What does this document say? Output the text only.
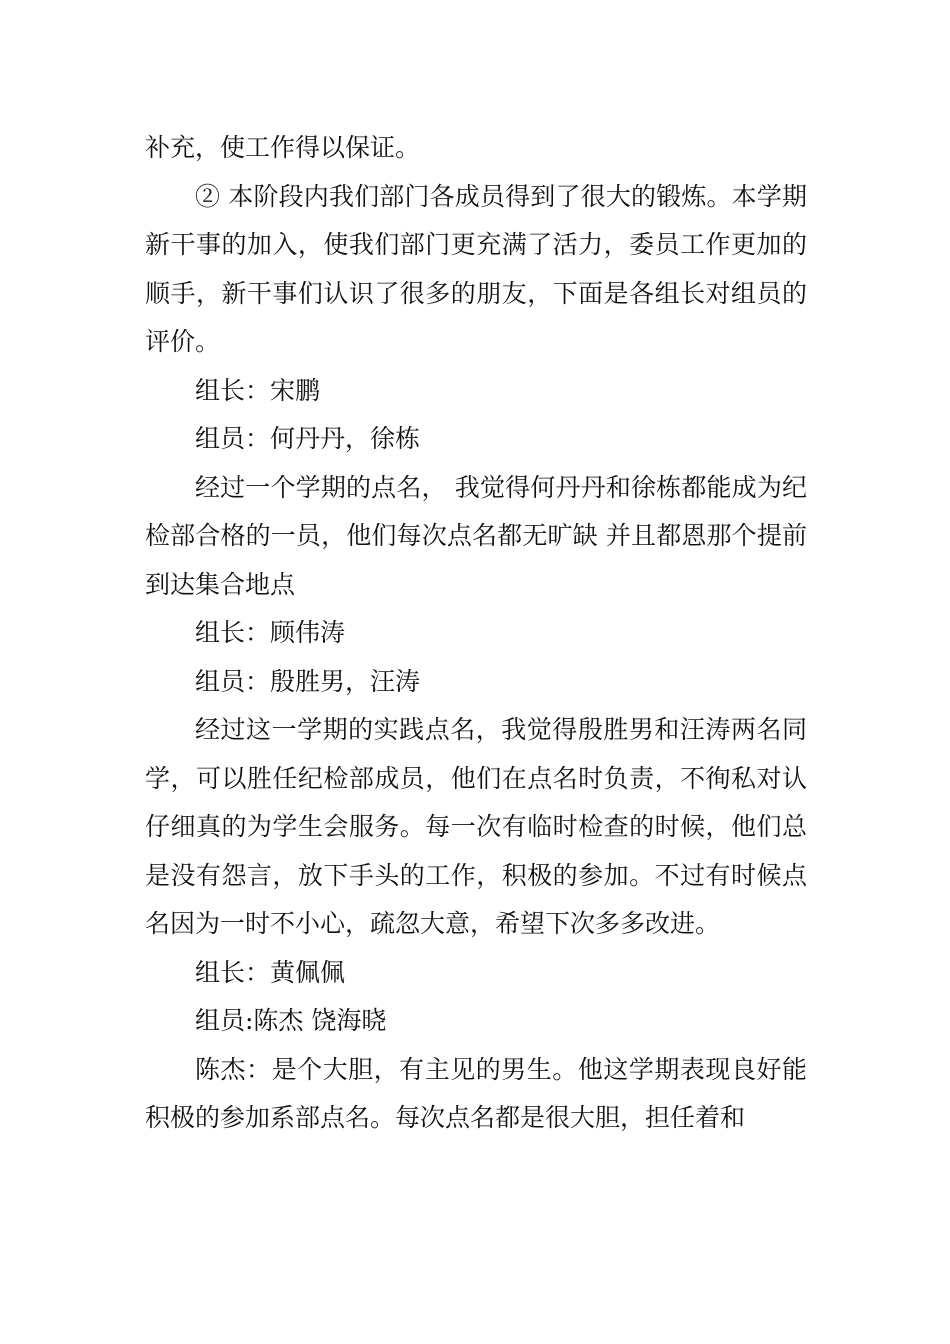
补充，使工作得以保证。

② 本阶段内我们部门各成员得到了很大的锻炼。本学期新干事的加入，使我们部门更充满了活力，委员工作更加的顺手，新干事们认识了很多的朋友，下面是各组长对组员的评价。

组长：宋鹏

组员：何丹丹，徐栋

经过一个学期的点名， 我觉得何丹丹和徐栋都能成为纪检部合格的一员，他们每次点名都无旷缺 并且都恩那个提前到达集合地点

组长：顾伟涛

组员：殷胜男，汪涛

经过这一学期的实践点名，我觉得殷胜男和汪涛两名同学，可以胜任纪检部成员，他们在点名时负责，不徇私对认仔细真的为学生会服务。每一次有临时检查的时候，他们总是没有怨言，放下手头的工作，积极的参加。不过有时候点名因为一时不小心，疏忽大意，希望下次多多改进。

组长：黄佩佩

组员:陈杰 饶海晓

陈杰：是个大胆，有主见的男生。他这学期表现良好能积极的参加系部点名。每次点名都是很大胆，担任着和
